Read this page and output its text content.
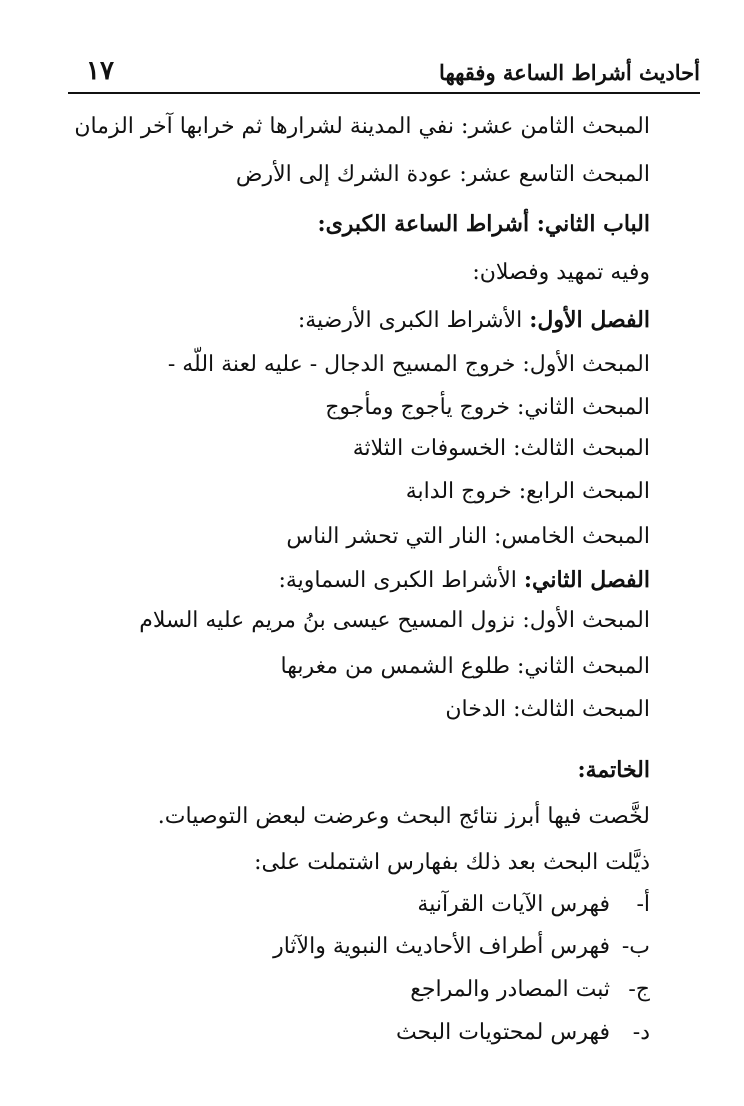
أحاديث أشراط الساعة وفقهها
١٧
المبحث الثامن عشر: نفي المدينة لشرارها ثم خرابها آخر الزمان
المبحث التاسع عشر: عودة الشرك إلى الأرض
الباب الثاني: أشراط الساعة الكبرى:
وفيه تمهيد وفصلان:
الفصل الأول: الأشراط الكبرى الأرضية:
المبحث الأول: خروج المسيح الدجال - عليه لعنة اللّه -
المبحث الثاني: خروج يأجوج ومأجوج
المبحث الثالث: الخسوفات الثلاثة
المبحث الرابع: خروج الدابة
المبحث الخامس: النار التي تحشر الناس
الفصل الثاني: الأشراط الكبرى السماوية:
المبحث الأول: نزول المسيح عيسى بنُ مريم عليه السلام
المبحث الثاني: طلوع الشمس من مغربها
المبحث الثالث: الدخان
الخاتمة:
لخَّصت فيها أبرز نتائج البحث وعرضت لبعض التوصيات.
ذيَّلت البحث بعد ذلك بفهارس اشتملت على:
أ-فهرس الآيات القرآنية
ب-فهرس أطراف الأحاديث النبوية والآثار
ج-ثبت المصادر والمراجع
د-فهرس لمحتويات البحث
